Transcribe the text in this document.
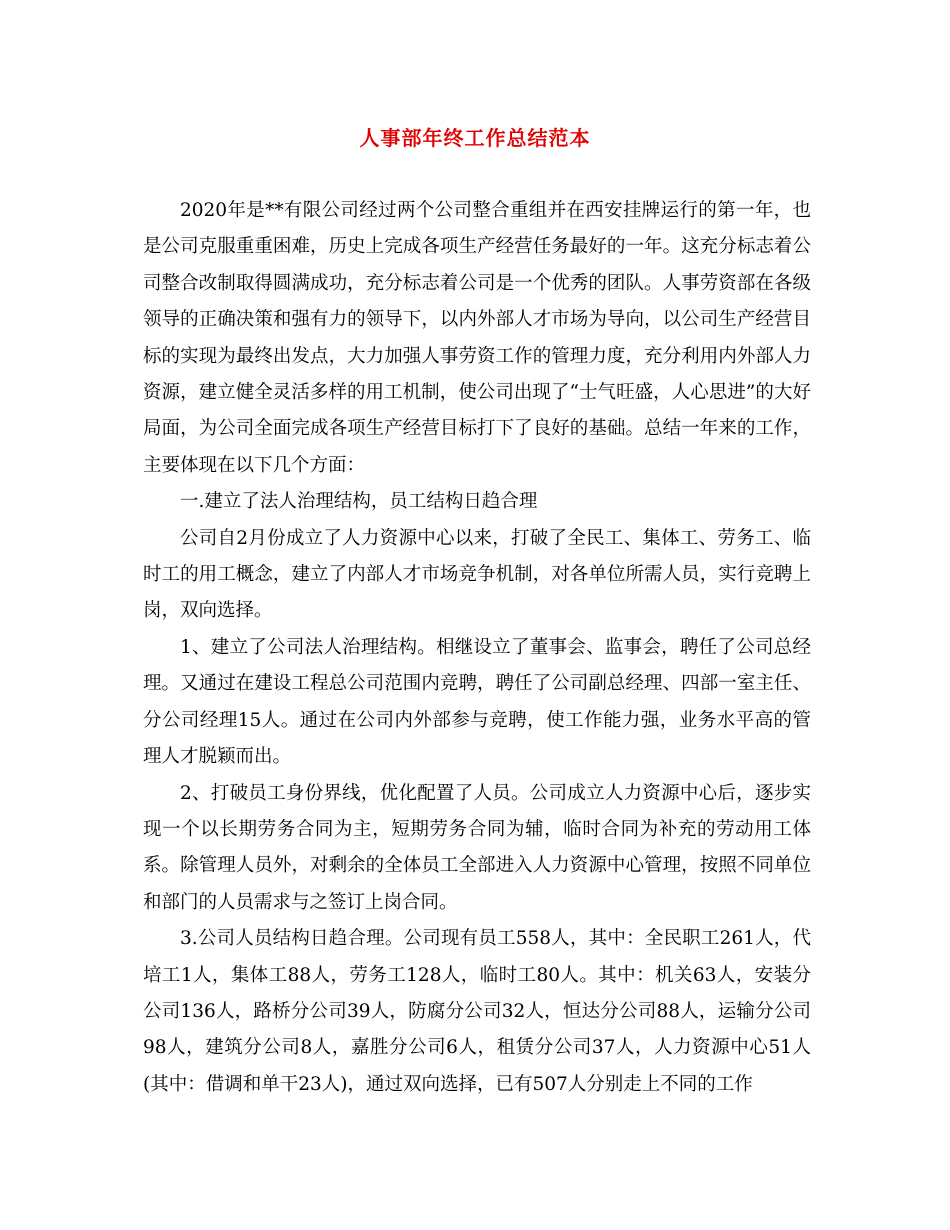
人事部年终工作总结范本

2020年是**有限公司经过两个公司整合重组并在西安挂牌运行的第一年，也是公司克服重重困难，历史上完成各项生产经营任务最好的一年。这充分标志着公司整合改制取得圆满成功，充分标志着公司是一个优秀的团队。人事劳资部在各级领导的正确决策和强有力的领导下，以内外部人才市场为导向，以公司生产经营目标的实现为最终出发点，大力加强人事劳资工作的管理力度，充分利用内外部人力资源，建立健全灵活多样的用工机制，使公司出现了“士气旺盛，人心思进”的大好局面，为公司全面完成各项生产经营目标打下了良好的基础。总结一年来的工作，主要体现在以下几个方面：

一.建立了法人治理结构，员工结构日趋合理

公司自2月份成立了人力资源中心以来，打破了全民工、集体工、劳务工、临时工的用工概念，建立了内部人才市场竞争机制，对各单位所需人员，实行竞聘上岗，双向选择。

1、建立了公司法人治理结构。相继设立了董事会、监事会，聘任了公司总经理。又通过在建设工程总公司范围内竞聘，聘任了公司副总经理、四部一室主任、分公司经理15人。通过在公司内外部参与竞聘，使工作能力强，业务水平高的管理人才脱颖而出。

2、打破员工身份界线，优化配置了人员。公司成立人力资源中心后，逐步实现一个以长期劳务合同为主，短期劳务合同为辅，临时合同为补充的劳动用工体系。除管理人员外，对剩余的全体员工全部进入人力资源中心管理，按照不同单位和部门的人员需求与之签订上岗合同。

3.公司人员结构日趋合理。公司现有员工558人，其中：全民职工261人，代培工1人，集体工88人，劳务工128人，临时工80人。其中：机关63人，安装分公司136人，路桥分公司39人，防腐分公司32人，恒达分公司88人，运输分公司98人，建筑分公司8人，嘉胜分公司6人，租赁分公司37人，人力资源中心51人(其中：借调和单干23人)，通过双向选择，已有507人分别走上不同的工作
